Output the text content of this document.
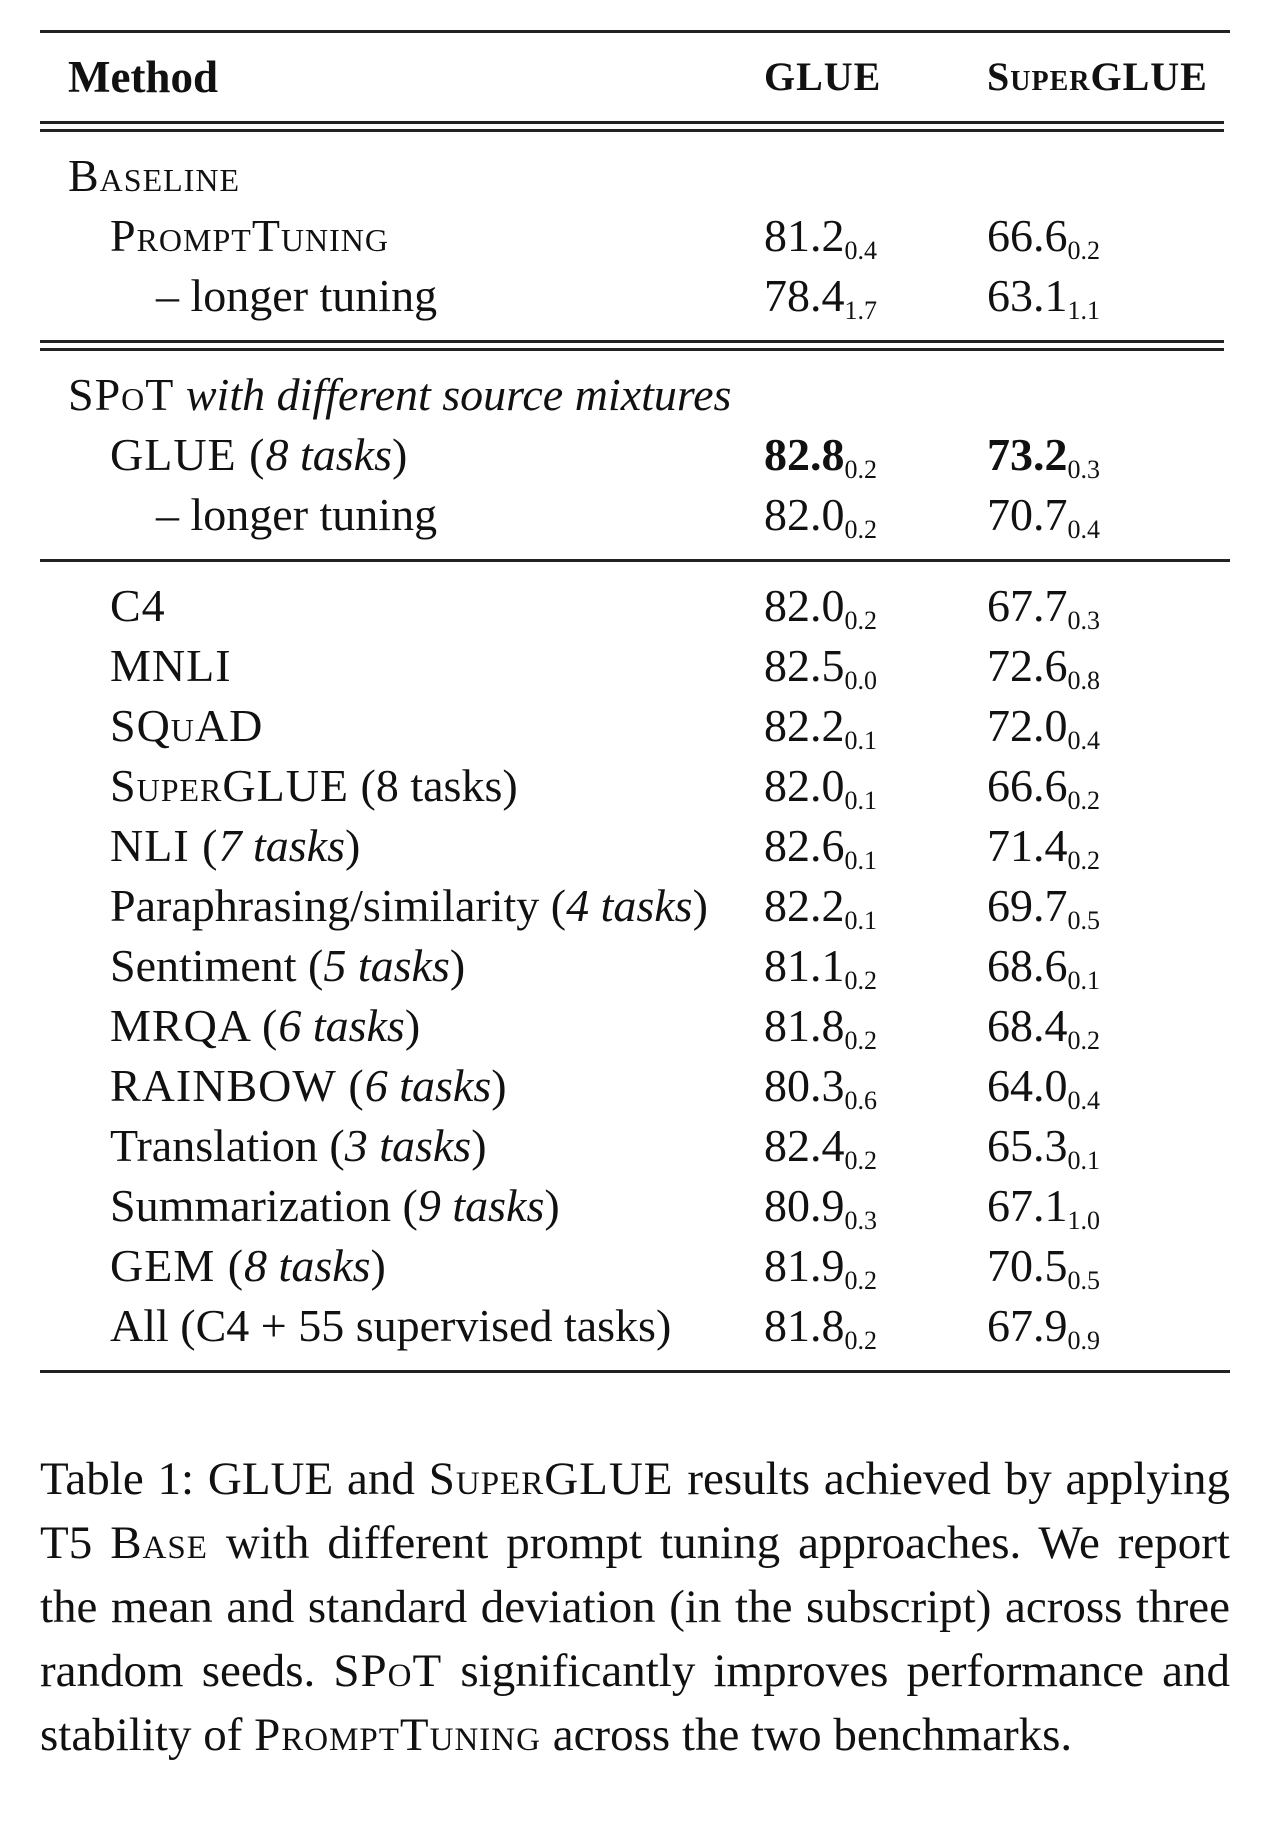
Method	GLUE	SuperGLUE

Baseline		
PromptTuning	$81.2_{0.4}$	$66.6_{0.2}$
– longer tuning	$78.4_{1.7}$	$63.1_{1.1}$

SPoT with different source mixtures		
GLUE (8 tasks)	$82.8_{0.2}$	$73.2_{0.3}$
– longer tuning	$82.0_{0.2}$	$70.7_{0.4}$

C4	$82.0_{0.2}$	$67.7_{0.3}$
MNLI	$82.5_{0.0}$	$72.6_{0.8}$
SQuAD	$82.2_{0.1}$	$72.0_{0.4}$
SuperGLUE (8 tasks)	$82.0_{0.1}$	$66.6_{0.2}$
NLI (7 tasks)	$82.6_{0.1}$	$71.4_{0.2}$
Paraphrasing/similarity (4 tasks)	$82.2_{0.1}$	$69.7_{0.5}$
Sentiment (5 tasks)	$81.1_{0.2}$	$68.6_{0.1}$
MRQA (6 tasks)	$81.8_{0.2}$	$68.4_{0.2}$
RAINBOW (6 tasks)	$80.3_{0.6}$	$64.0_{0.4}$
Translation (3 tasks)	$82.4_{0.2}$	$65.3_{0.1}$
Summarization (9 tasks)	$80.9_{0.3}$	$67.1_{1.0}$
GEM (8 tasks)	$81.9_{0.2}$	$70.5_{0.5}$
All (C4 + 55 supervised tasks)	$81.8_{0.2}$	$67.9_{0.9}$

Table 1: GLUE and SuperGLUE results achieved by applying T5 Base with different prompt tuning approaches. We report the mean and standard deviation (in the subscript) across three random seeds. SPoT significantly improves performance and stability of PromptTuning across the two benchmarks.
